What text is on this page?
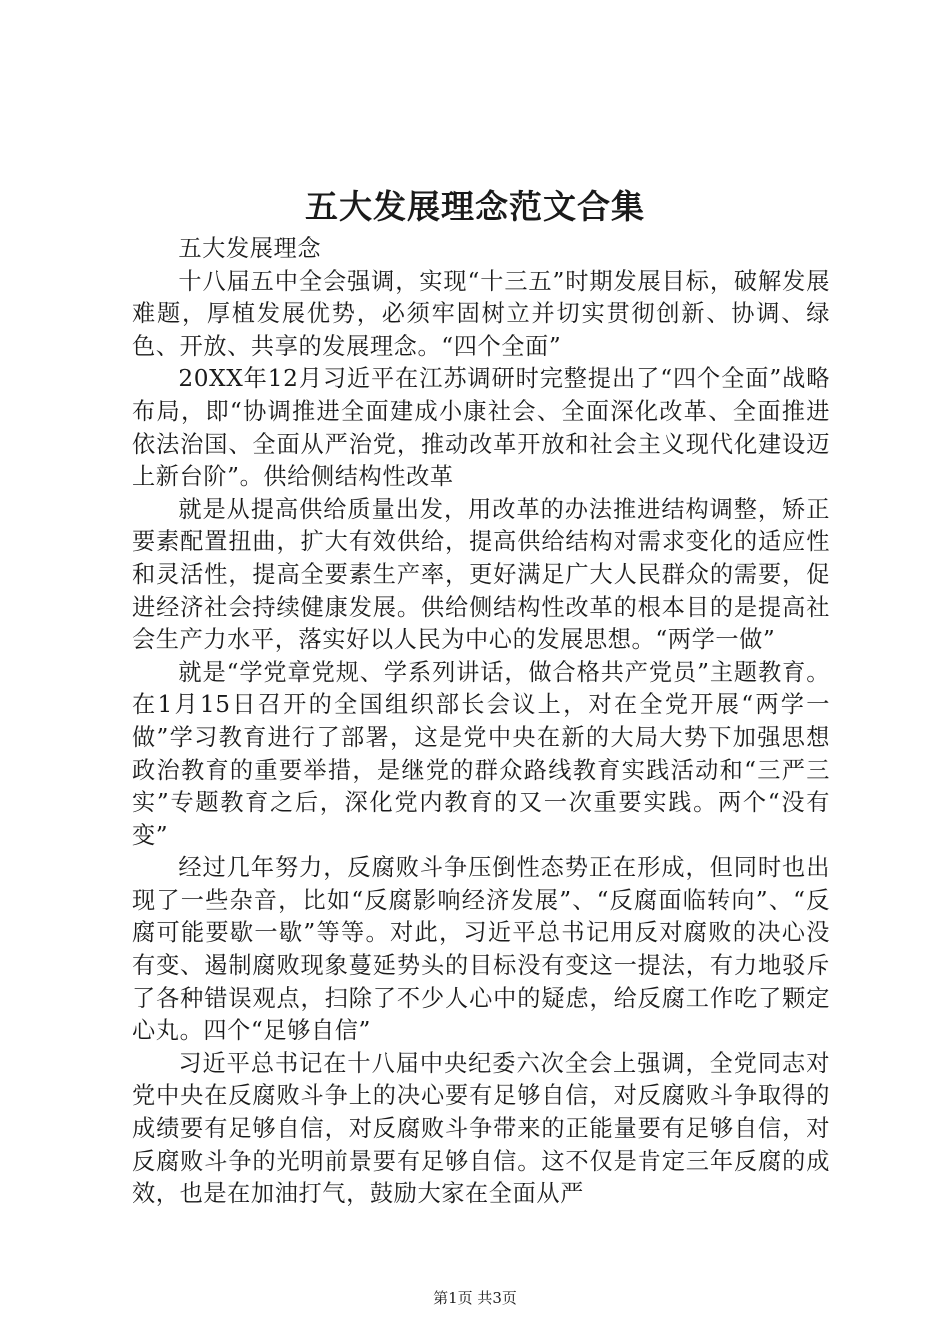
五大发展理念范文合集

五大发展理念

十八届五中全会强调，实现“十三五”时期发展目标，破解发展难题，厚植发展优势，必须牢固树立并切实贯彻创新、协调、绿色、开放、共享的发展理念。“四个全面”

20XX年12月习近平在江苏调研时完整提出了“四个全面”战略布局，即“协调推进全面建成小康社会、全面深化改革、全面推进依法治国、全面从严治党，推动改革开放和社会主义现代化建设迈上新台阶”。供给侧结构性改革

就是从提高供给质量出发，用改革的办法推进结构调整，矫正要素配置扭曲，扩大有效供给，提高供给结构对需求变化的适应性和灵活性，提高全要素生产率，更好满足广大人民群众的需要，促进经济社会持续健康发展。供给侧结构性改革的根本目的是提高社会生产力水平，落实好以人民为中心的发展思想。“两学一做”

就是“学党章党规、学系列讲话，做合格共产党员”主题教育。在1月15日召开的全国组织部长会议上，对在全党开展“两学一做”学习教育进行了部署，这是党中央在新的大局大势下加强思想政治教育的重要举措，是继党的群众路线教育实践活动和“三严三实”专题教育之后，深化党内教育的又一次重要实践。两个“没有变”

经过几年努力，反腐败斗争压倒性态势正在形成，但同时也出现了一些杂音，比如“反腐影响经济发展”、“反腐面临转向”、“反腐可能要歇一歇”等等。对此，习近平总书记用反对腐败的决心没有变、遏制腐败现象蔓延势头的目标没有变这一提法，有力地驳斥了各种错误观点，扫除了不少人心中的疑虑，给反腐工作吃了颗定心丸。四个“足够自信”

习近平总书记在十八届中央纪委六次全会上强调，全党同志对党中央在反腐败斗争上的决心要有足够自信，对反腐败斗争取得的成绩要有足够自信，对反腐败斗争带来的正能量要有足够自信，对反腐败斗争的光明前景要有足够自信。这不仅是肯定三年反腐的成效，也是在加油打气，鼓励大家在全面从严

第1页 共3页
